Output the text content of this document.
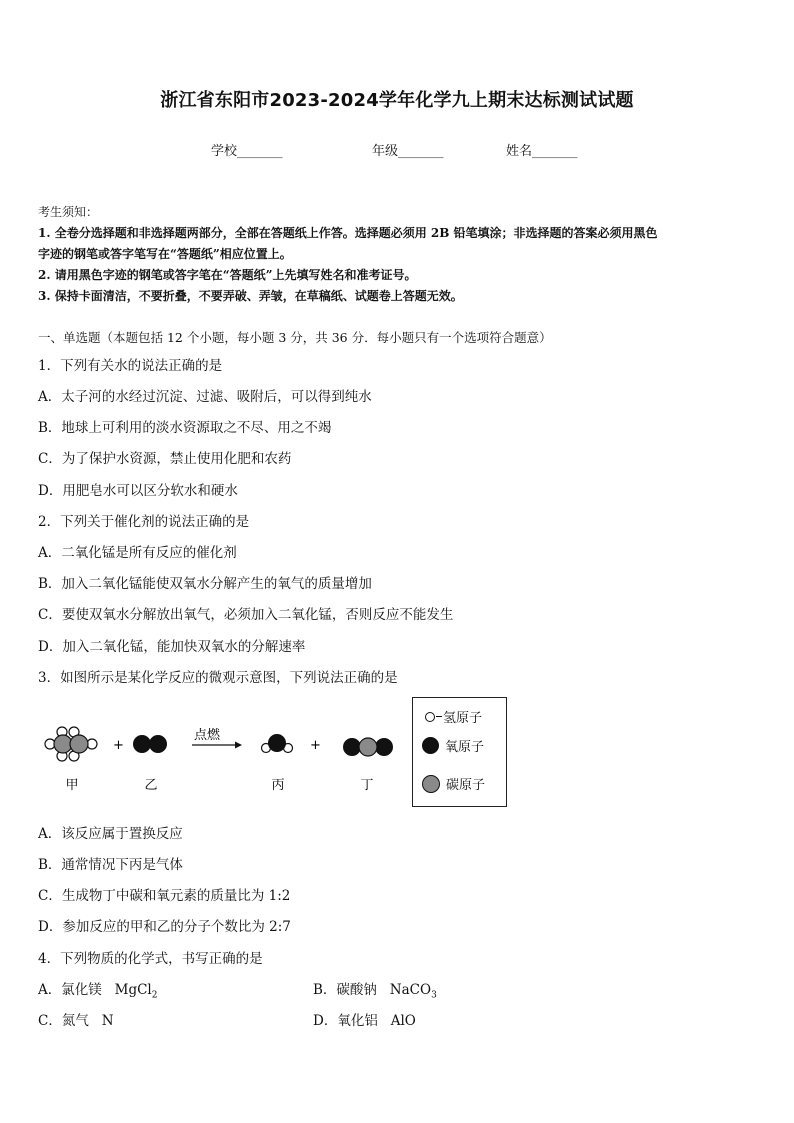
浙江省东阳市2023-2024学年化学九上期末达标测试试题
学校_______	年级_______	姓名_______
考生须知：
1. 全卷分选择题和非选择题两部分，全部在答题纸上作答。选择题必须用 2B 铅笔填涂；非选择题的答案必须用黑色
字迹的钢笔或答字笔写在“答题纸”相应位置上。
2. 请用黑色字迹的钢笔或答字笔在“答题纸”上先填写姓名和准考证号。
3. 保持卡面清洁，不要折叠，不要弄破、弄皱，在草稿纸、试题卷上答题无效。
一、单选题（本题包括 12 个小题，每小题 3 分，共 36 分．每小题只有一个选项符合题意）
1．下列有关水的说法正确的是
A．太子河的水经过沉淀、过滤、吸附后，可以得到纯水
B．地球上可利用的淡水资源取之不尽、用之不竭
C．为了保护水资源，禁止使用化肥和农药
D．用肥皂水可以区分软水和硬水
2．下列关于催化剂的说法正确的是
A．二氧化锰是所有反应的催化剂
B．加入二氧化锰能使双氧水分解产生的氧气的质量增加
C．要使双氧水分解放出氧气，必须加入二氧化锰，否则反应不能发生
D．加入二氧化锰，能加快双氧水的分解速率
3．如图所示是某化学反应的微观示意图，下列说法正确的是
+
点燃
+
甲	乙	丙	丁
氢原子
氧原子
碳原子
A．该反应属于置换反应
B．通常情况下丙是气体
C．生成物丁中碳和氧元素的质量比为 1:2
D．参加反应的甲和乙的分子个数比为 2:7
4．下列物质的化学式，书写正确的是
A．氯化镁 MgCl$_2$	B．碳酸钠 NaCO$_3$
C．氮气 N	D．氧化铝 AlO
